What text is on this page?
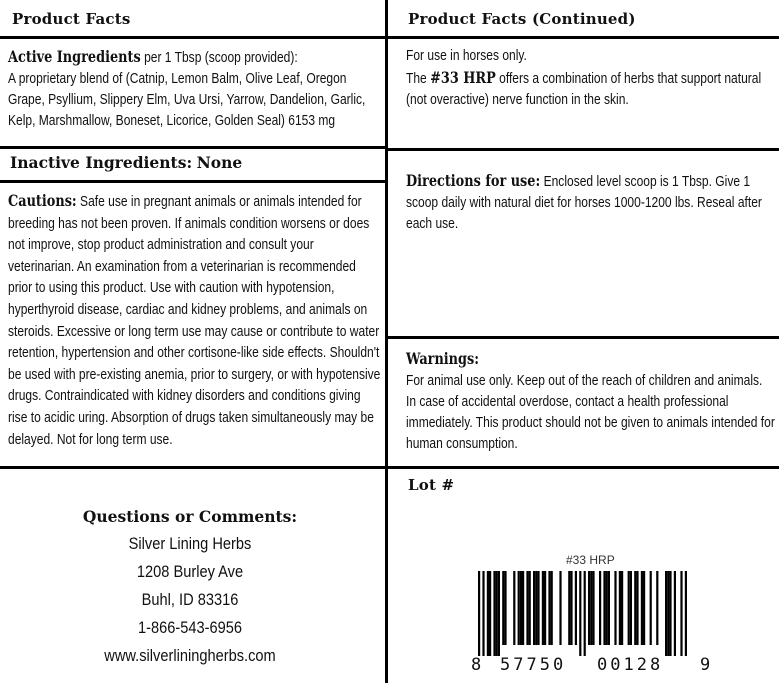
Product Facts	Product Facts (Continued)
Active Ingredients per 1 Tbsp (scoop provided):
A proprietary blend of (Catnip, Lemon Balm, Olive Leaf, Oregon Grape, Psyllium, Slippery Elm, Uva Ursi, Yarrow, Dandelion, Garlic, Kelp, Marshmallow, Boneset, Licorice, Golden Seal) 6153 mg
Inactive Ingredients: None
Cautions: Safe use in pregnant animals or animals intended for breeding has not been proven. If animals condition worsens or does not improve, stop product administration and consult your veterinarian. An examination from a veterinarian is recommended prior to using this product. Use with caution with hypotension, hyperthyroid disease, cardiac and kidney problems, and animals on steroids. Excessive or long term use may cause or contribute to water retention, hypertension and other cortisone-like side effects. Shouldn't be used with pre-existing anemia, prior to surgery, or with hypotensive drugs. Contraindicated with kidney disorders and conditions giving rise to acidic uring. Absorption of drugs taken simultaneously may be delayed. Not for long term use.
For use in horses only.
The #33 HRP offers a combination of herbs that support natural (not overactive) nerve function in the skin.
Directions for use: Enclosed level scoop is 1 Tbsp. Give 1 scoop daily with natural diet for horses 1000-1200 lbs. Reseal after each use.
Warnings:
For animal use only. Keep out of the reach of children and animals. In case of accidental overdose, contact a health professional immediately. This product should not be given to animals intended for human consumption.
Lot #
Questions or Comments:
Silver Lining Herbs
1208 Burley Ave
Buhl, ID 83316
1-866-543-6956
www.silverliningherbs.com
#33 HRP
8 57750 00128 9
